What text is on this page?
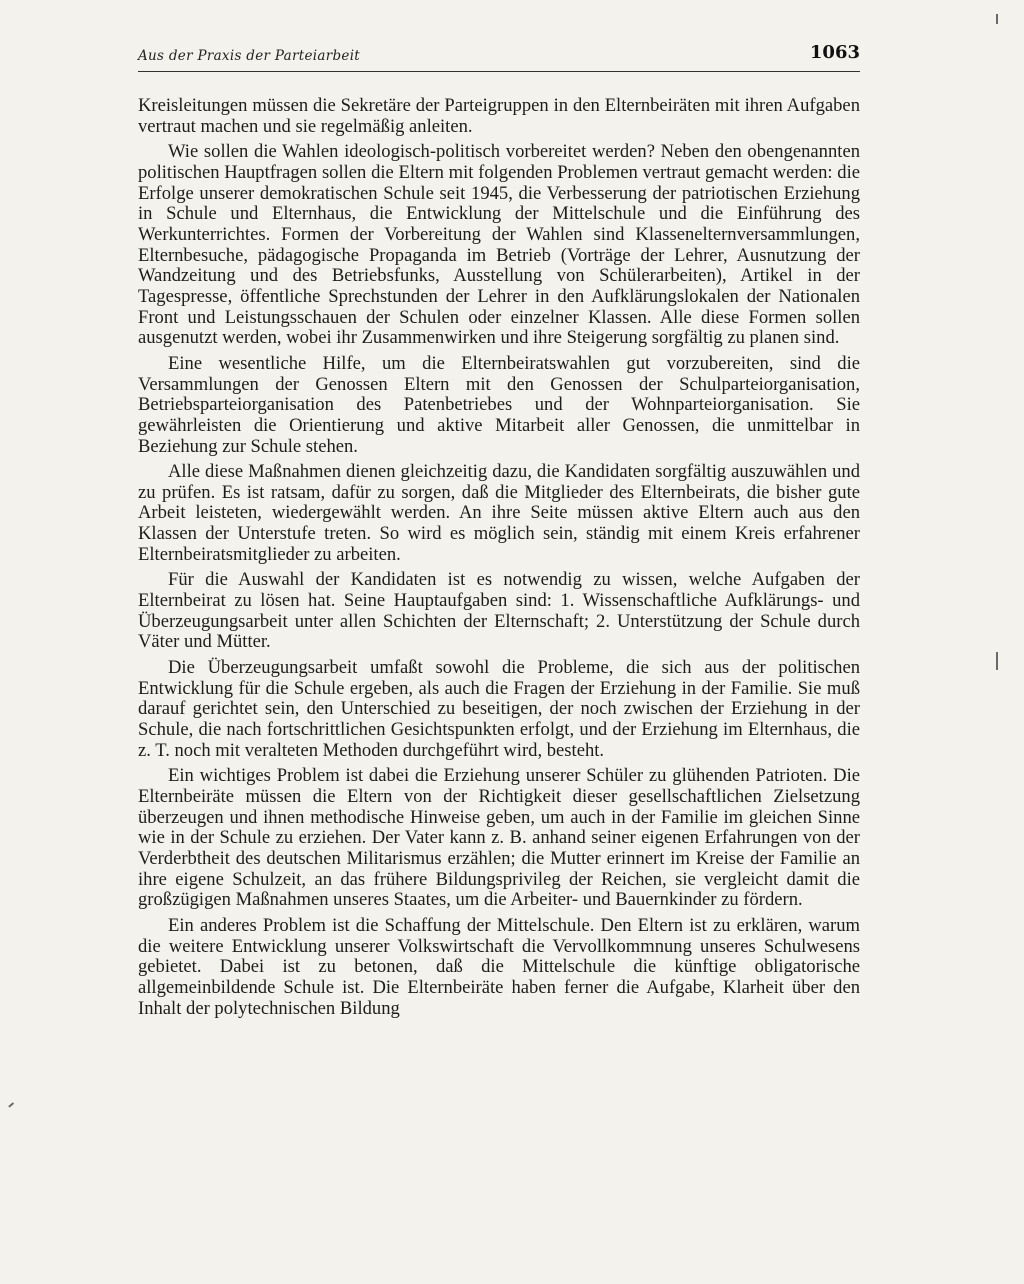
Aus der Praxis der Parteiarbeit	1063

Kreisleitungen müssen die Sekretäre der Parteigruppen in den Elternbeiräten mit ihren Aufgaben vertraut machen und sie regelmäßig anleiten.

Wie sollen die Wahlen ideologisch-politisch vorbereitet werden? Neben den obengenannten politischen Hauptfragen sollen die Eltern mit folgenden Problemen vertraut gemacht werden: die Erfolge unserer demokratischen Schule seit 1945, die Verbesserung der patriotischen Erziehung in Schule und Elternhaus, die Entwicklung der Mittelschule und die Einführung des Werkunterrichtes. Formen der Vorbereitung der Wahlen sind Klassenelternversammlungen, Elternbesuche, pädagogische Propaganda im Betrieb (Vorträge der Lehrer, Ausnutzung der Wandzeitung und des Betriebsfunks, Ausstellung von Schülerarbeiten), Artikel in der Tagespresse, öffentliche Sprechstunden der Lehrer in den Aufklärungslokalen der Nationalen Front und Leistungsschauen der Schulen oder einzelner Klassen. Alle diese Formen sollen ausgenutzt werden, wobei ihr Zusammenwirken und ihre Steigerung sorgfältig zu planen sind.

Eine wesentliche Hilfe, um die Elternbeiratswahlen gut vorzubereiten, sind die Versammlungen der Genossen Eltern mit den Genossen der Schulparteiorganisation, Betriebsparteiorganisation des Patenbetriebes und der Wohnparteiorganisation. Sie gewährleisten die Orientierung und aktive Mitarbeit aller Genossen, die unmittelbar in Beziehung zur Schule stehen.

Alle diese Maßnahmen dienen gleichzeitig dazu, die Kandidaten sorgfältig auszuwählen und zu prüfen. Es ist ratsam, dafür zu sorgen, daß die Mitglieder des Elternbeirats, die bisher gute Arbeit leisteten, wiedergewählt werden. An ihre Seite müssen aktive Eltern auch aus den Klassen der Unterstufe treten. So wird es möglich sein, ständig mit einem Kreis erfahrener Elternbeiratsmitglieder zu arbeiten.

Für die Auswahl der Kandidaten ist es notwendig zu wissen, welche Aufgaben der Elternbeirat zu lösen hat. Seine Hauptaufgaben sind: 1. Wissenschaftliche Aufklärungs- und Überzeugungsarbeit unter allen Schichten der Elternschaft; 2. Unterstützung der Schule durch Väter und Mütter.

Die Überzeugungsarbeit umfaßt sowohl die Probleme, die sich aus der politischen Entwicklung für die Schule ergeben, als auch die Fragen der Erziehung in der Familie. Sie muß darauf gerichtet sein, den Unterschied zu beseitigen, der noch zwischen der Erziehung in der Schule, die nach fortschrittlichen Gesichtspunkten erfolgt, und der Erziehung im Elternhaus, die z. T. noch mit veralteten Methoden durchgeführt wird, besteht.

Ein wichtiges Problem ist dabei die Erziehung unserer Schüler zu glühenden Patrioten. Die Elternbeiräte müssen die Eltern von der Richtigkeit dieser gesellschaftlichen Zielsetzung überzeugen und ihnen methodische Hinweise geben, um auch in der Familie im gleichen Sinne wie in der Schule zu erziehen. Der Vater kann z. B. anhand seiner eigenen Erfahrungen von der Verderbtheit des deutschen Militarismus erzählen; die Mutter erinnert im Kreise der Familie an ihre eigene Schulzeit, an das frühere Bildungsprivileg der Reichen, sie vergleicht damit die großzügigen Maßnahmen unseres Staates, um die Arbeiter- und Bauernkinder zu fördern.

Ein anderes Problem ist die Schaffung der Mittelschule. Den Eltern ist zu erklären, warum die weitere Entwicklung unserer Volkswirtschaft die Vervollkommnung unseres Schulwesens gebietet. Dabei ist zu betonen, daß die Mittelschule die künftige obligatorische allgemeinbildende Schule ist. Die Elternbeiräte haben ferner die Aufgabe, Klarheit über den Inhalt der polytechnischen Bildung
